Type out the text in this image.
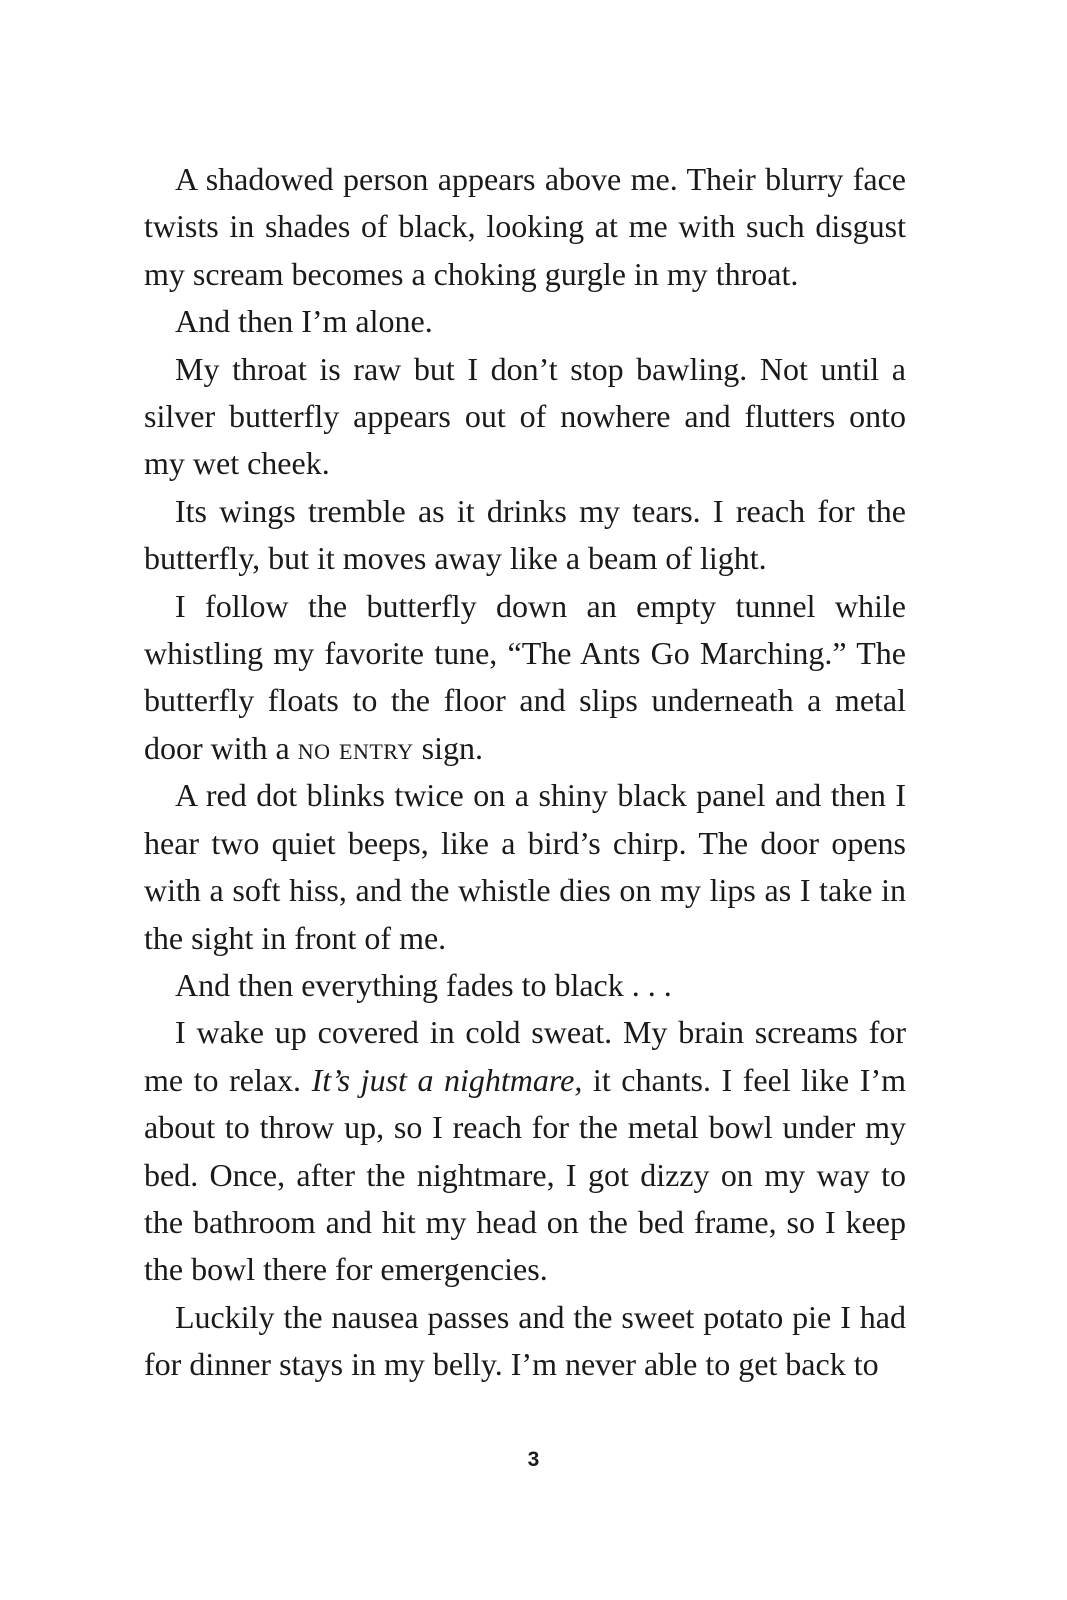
A shadowed person appears above me. Their blurry face twists in shades of black, looking at me with such disgust my scream becomes a choking gurgle in my throat.

And then I’m alone.

My throat is raw but I don’t stop bawling. Not until a silver butterfly appears out of nowhere and flutters onto my wet cheek.

Its wings tremble as it drinks my tears. I reach for the butterfly, but it moves away like a beam of light.

I follow the butterfly down an empty tunnel while whistling my favorite tune, “The Ants Go Marching.” The butterfly floats to the floor and slips underneath a metal door with a no entry sign.

A red dot blinks twice on a shiny black panel and then I hear two quiet beeps, like a bird’s chirp. The door opens with a soft hiss, and the whistle dies on my lips as I take in the sight in front of me.

And then everything fades to black . . .

I wake up covered in cold sweat. My brain screams for me to relax. It’s just a nightmare, it chants. I feel like I’m about to throw up, so I reach for the metal bowl under my bed. Once, after the nightmare, I got dizzy on my way to the bathroom and hit my head on the bed frame, so I keep the bowl there for emergencies.

Luckily the nausea passes and the sweet potato pie I had for dinner stays in my belly. I’m never able to get back to

3
